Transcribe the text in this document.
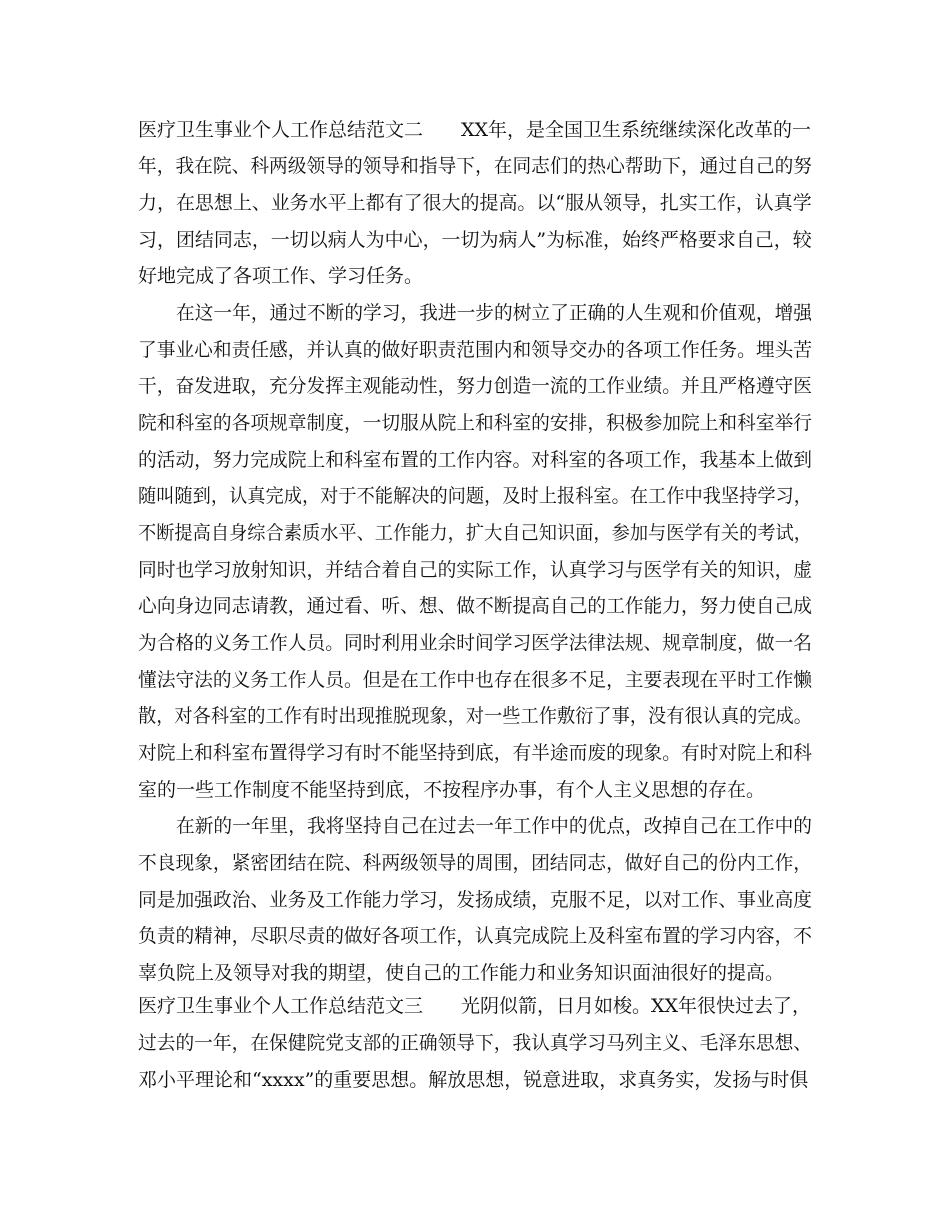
医疗卫生事业个人工作总结范文二　　XX年，是全国卫生系统继续深化改革的一
年，我在院、科两级领导的领导和指导下，在同志们的热心帮助下，通过自己的努
力，在思想上、业务水平上都有了很大的提高。以“服从领导，扎实工作，认真学
习，团结同志，一切以病人为中心，一切为病人”为标准，始终严格要求自己，较
好地完成了各项工作、学习任务。
在这一年，通过不断的学习，我进一步的树立了正确的人生观和价值观，增强
了事业心和责任感，并认真的做好职责范围内和领导交办的各项工作任务。埋头苦
干，奋发进取，充分发挥主观能动性，努力创造一流的工作业绩。并且严格遵守医
院和科室的各项规章制度，一切服从院上和科室的安排，积极参加院上和科室举行
的活动，努力完成院上和科室布置的工作内容。对科室的各项工作，我基本上做到
随叫随到，认真完成，对于不能解决的问题，及时上报科室。在工作中我坚持学习，
不断提高自身综合素质水平、工作能力，扩大自己知识面，参加与医学有关的考试，
同时也学习放射知识，并结合着自己的实际工作，认真学习与医学有关的知识，虚
心向身边同志请教，通过看、听、想、做不断提高自己的工作能力，努力使自己成
为合格的义务工作人员。同时利用业余时间学习医学法律法规、规章制度，做一名
懂法守法的义务工作人员。但是在工作中也存在很多不足，主要表现在平时工作懒
散，对各科室的工作有时出现推脱现象，对一些工作敷衍了事，没有很认真的完成。
对院上和科室布置得学习有时不能坚持到底，有半途而废的现象。有时对院上和科
室的一些工作制度不能坚持到底，不按程序办事，有个人主义思想的存在。
在新的一年里，我将坚持自己在过去一年工作中的优点，改掉自己在工作中的
不良现象，紧密团结在院、科两级领导的周围，团结同志，做好自己的份内工作，
同是加强政治、业务及工作能力学习，发扬成绩，克服不足，以对工作、事业高度
负责的精神，尽职尽责的做好各项工作，认真完成院上及科室布置的学习内容，不
辜负院上及领导对我的期望，使自己的工作能力和业务知识面油很好的提高。
医疗卫生事业个人工作总结范文三　　光阴似箭，日月如梭。XX年很快过去了，
过去的一年，在保健院党支部的正确领导下，我认真学习马列主义、毛泽东思想、
邓小平理论和“xxxx”的重要思想。解放思想，锐意进取，求真务实，发扬与时俱
